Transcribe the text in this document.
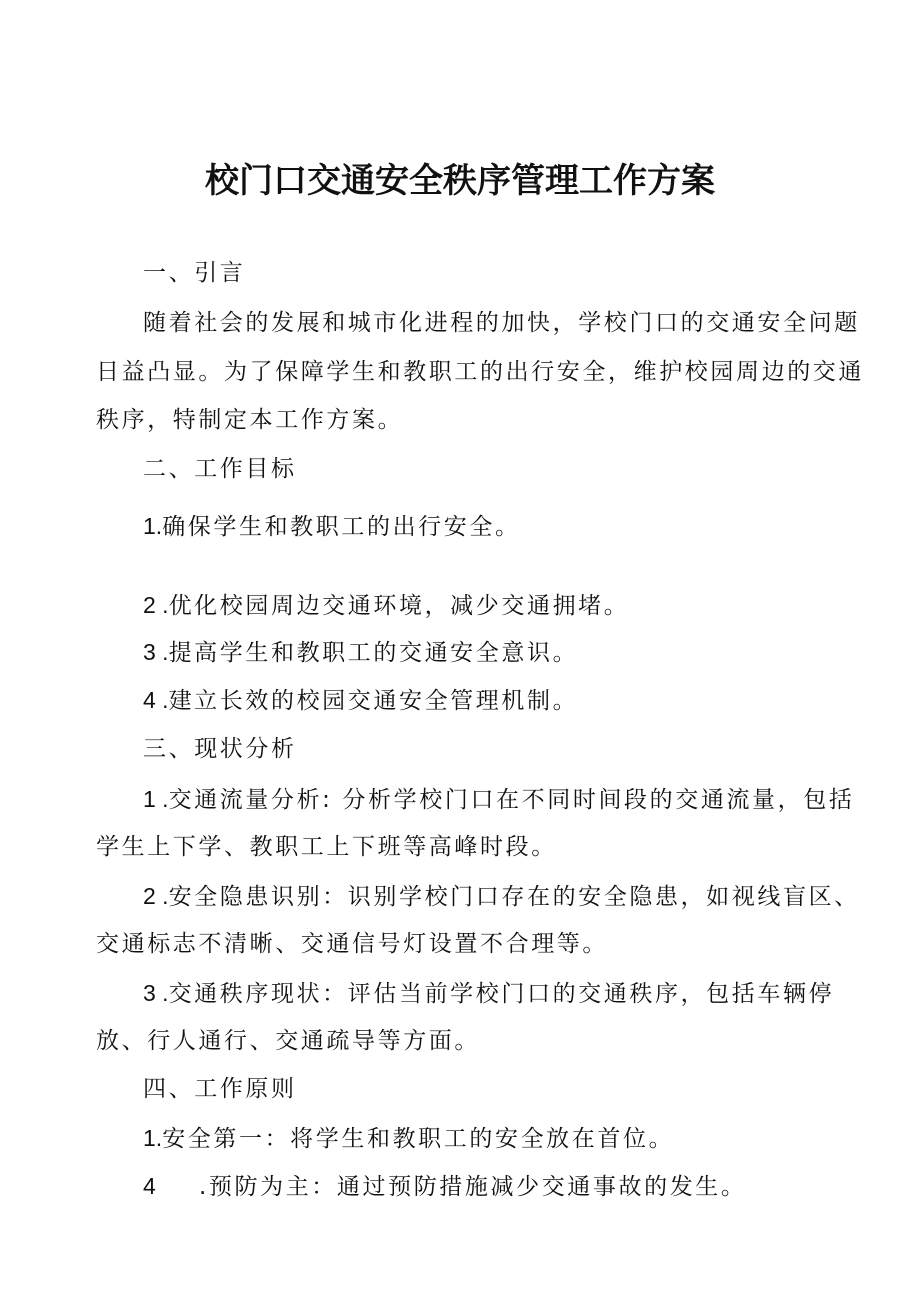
校门口交通安全秩序管理工作方案

一、引言

随着社会的发展和城市化进程的加快，学校门口的交通安全问题

日益凸显。为了保障学生和教职工的出行安全，维护校园周边的交通

秩序，特制定本工作方案。

二、工作目标

1.确保学生和教职工的出行安全。

2 .优化校园周边交通环境，减少交通拥堵。

3 .提高学生和教职工的交通安全意识。

4 .建立长效的校园交通安全管理机制。

三、现状分析

1 .交通流量分析: 分析学校门口在不同时间段的交通流量，包括

学生上下学、教职工上下班等高峰时段。

2 .安全隐患识别：识别学校门口存在的安全隐患，如视线盲区、

交通标志不清晰、交通信号灯设置不合理等。

3 .交通秩序现状：评估当前学校门口的交通秩序，包括车辆停

放、行人通行、交通疏导等方面。

四、工作原则

1.安全第一：将学生和教职工的安全放在首位。

4 .预防为主：通过预防措施减少交通事故的发生。
